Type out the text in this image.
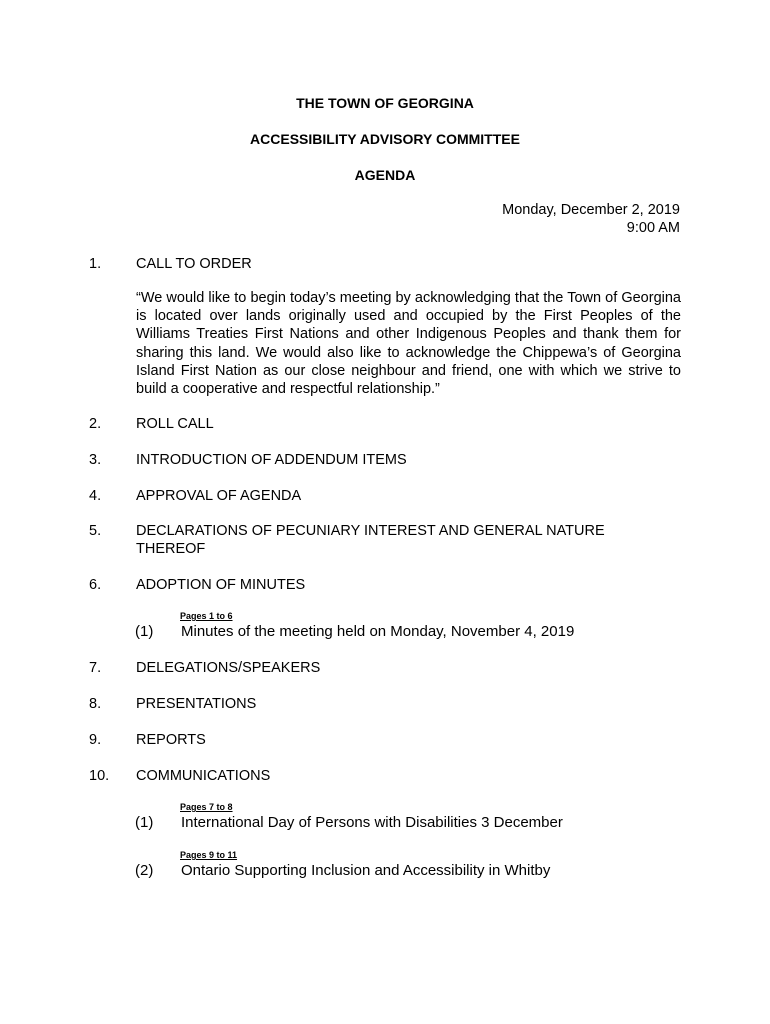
THE TOWN OF GEORGINA
ACCESSIBILITY ADVISORY COMMITTEE
AGENDA
Monday, December 2, 2019
9:00 AM
1. CALL TO ORDER
“We would like to begin today’s meeting by acknowledging that the Town of Georgina is located over lands originally used and occupied by the First Peoples of the Williams Treaties First Nations and other Indigenous Peoples and thank them for sharing this land. We would also like to acknowledge the Chippewa’s of Georgina Island First Nation as our close neighbour and friend, one with which we strive to build a cooperative and respectful relationship.”
2. ROLL CALL
3. INTRODUCTION OF ADDENDUM ITEMS
4. APPROVAL OF AGENDA
5. DECLARATIONS OF PECUNIARY INTEREST AND GENERAL NATURE
THEREOF
6. ADOPTION OF MINUTES
Pages 1 to 6
(1) Minutes of the meeting held on Monday, November 4, 2019
7. DELEGATIONS/SPEAKERS
8. PRESENTATIONS
9. REPORTS
10. COMMUNICATIONS
Pages 7 to 8
(1) International Day of Persons with Disabilities 3 December
Pages 9 to 11
(2) Ontario Supporting Inclusion and Accessibility in Whitby
